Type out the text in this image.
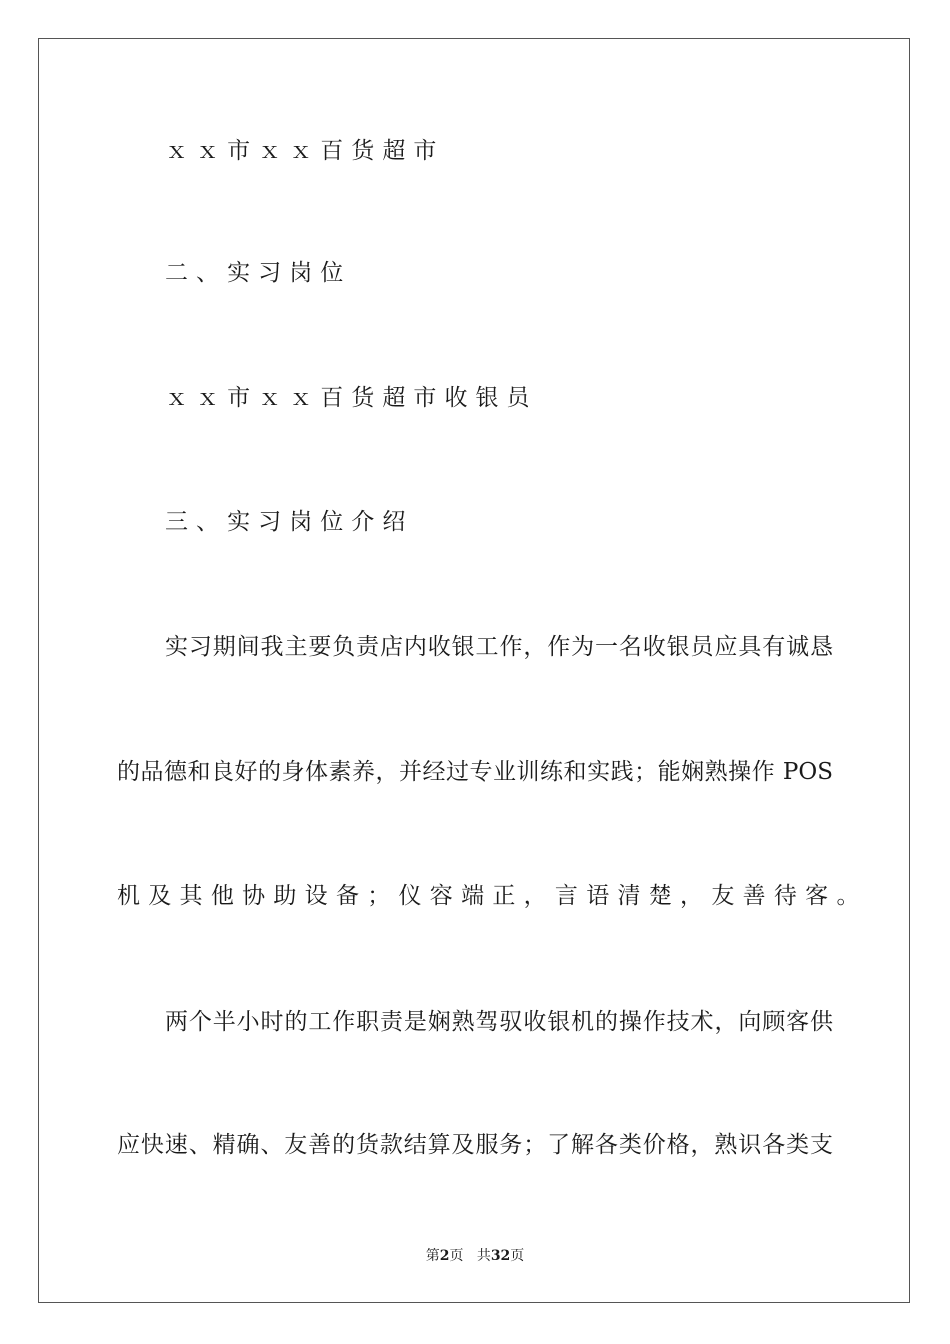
ｘｘ市ｘｘ百货超市
二、实习岗位
ｘｘ市ｘｘ百货超市收银员
三、实习岗位介绍
实习期间我主要负责店内收银工作，作为一名收银员应具有诚恳
的品德和良好的身体素养，并经过专业训练和实践；能娴熟操作 POS
机及其他协助设备；仪容端正，言语清楚，友善待客。
两个半小时的工作职责是娴熟驾驭收银机的操作技术，向顾客供
应快速、精确、友善的货款结算及服务；了解各类价格，熟识各类支
第2页 共32页
